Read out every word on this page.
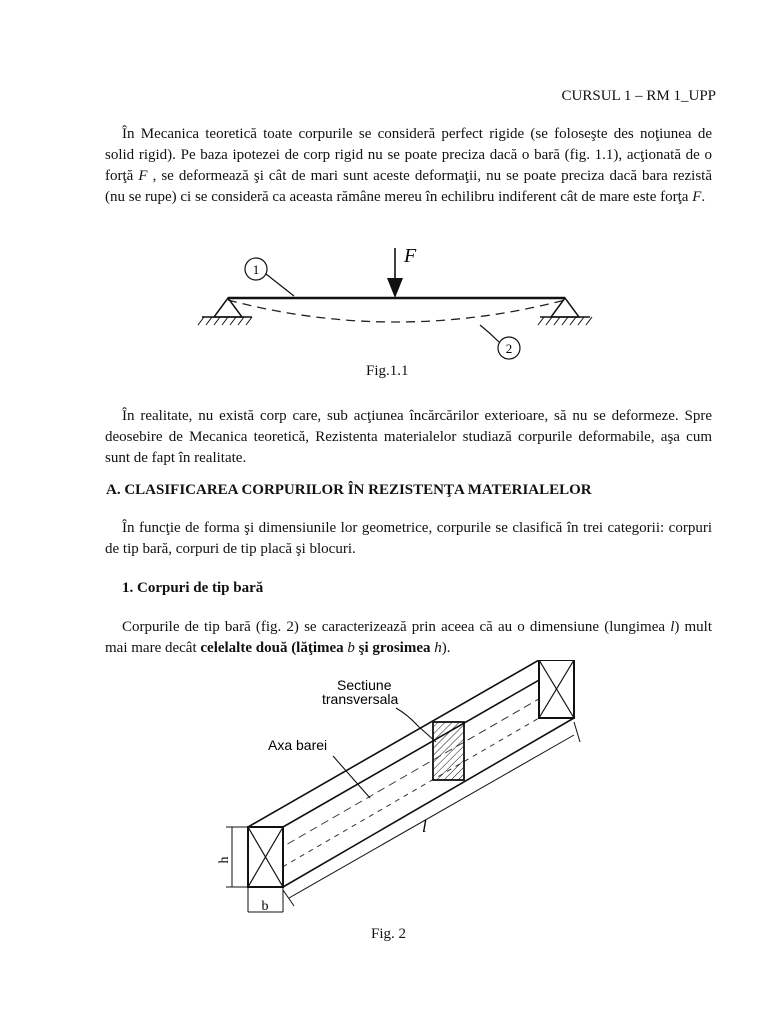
CURSUL 1 – RM 1_UPP

În Mecanica teoretică toate corpurile se consideră perfect rigide (se foloseşte des noţiunea de solid rigid). Pe baza ipotezei de corp rigid nu se poate preciza dacă o bară (fig. 1.1), acţionată de o forţă F , se deformează şi cât de mari sunt aceste deformaţii, nu se poate preciza dacă bara rezistă (nu se rupe) ci se consideră ca aceasta rămâne mereu în echilibru indiferent cât de mare este forţa F.

F
1
2
Fig.1.1

În realitate, nu există corp care, sub acţiunea încărcărilor exterioare, să nu se deformeze. Spre deosebire de Mecanica teoretică, Rezistenta materialelor studiază corpurile deformabile, aşa cum sunt de fapt în realitate.

A. CLASIFICAREA CORPURILOR ÎN REZISTENŢA MATERIALELOR

În funcţie de forma şi dimensiunile lor geometrice, corpurile se clasifică în trei categorii: corpuri de tip bară, corpuri de tip placă şi blocuri.

1. Corpuri de tip bară

Corpurile de tip bară (fig. 2) se caracterizează prin aceea că au o dimensiune (lungimea l) mult mai mare decât celelalte două (lăţimea b şi grosimea h).

Sectiune
transversala
Axa barei
l
h
b
Fig. 2
